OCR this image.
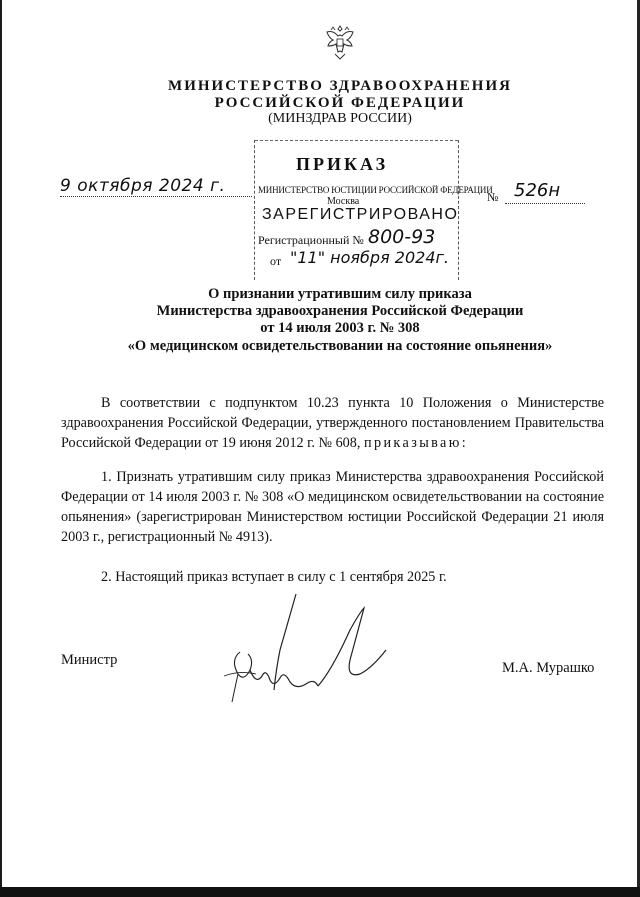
МИНИСТЕРСТВО ЗДРАВООХРАНЕНИЯ
РОССИЙСКОЙ ФЕДЕРАЦИИ
(МИНЗДРАВ РОССИИ)
ПРИКАЗ
МИНИСТЕРСТВО ЮСТИЦИИ РОССИЙСКОЙ ФЕДЕРАЦИИ
Москва
ЗАРЕГИСТРИРОВАНО
Регистрационный № 800-93
от "11" ноября 2024г.
9 октября 2024 г.
№ 526н
О признании утратившим силу приказа
Министерства здравоохранения Российской Федерации
от 14 июля 2003 г. № 308
«О медицинском освидетельствовании на состояние опьянения»
В соответствии с подпунктом 10.23 пункта 10 Положения о Министерстве здравоохранения Российской Федерации, утвержденного постановлением Правительства Российской Федерации от 19 июня 2012 г. № 608, приказываю:
1. Признать утратившим силу приказ Министерства здравоохранения Российской Федерации от 14 июля 2003 г. № 308 «О медицинском освидетельствовании на состояние опьянения» (зарегистрирован Министерством юстиции Российской Федерации 21 июля 2003 г., регистрационный № 4913).
2. Настоящий приказ вступает в силу с 1 сентября 2025 г.
Министр	М.А. Мурашко
